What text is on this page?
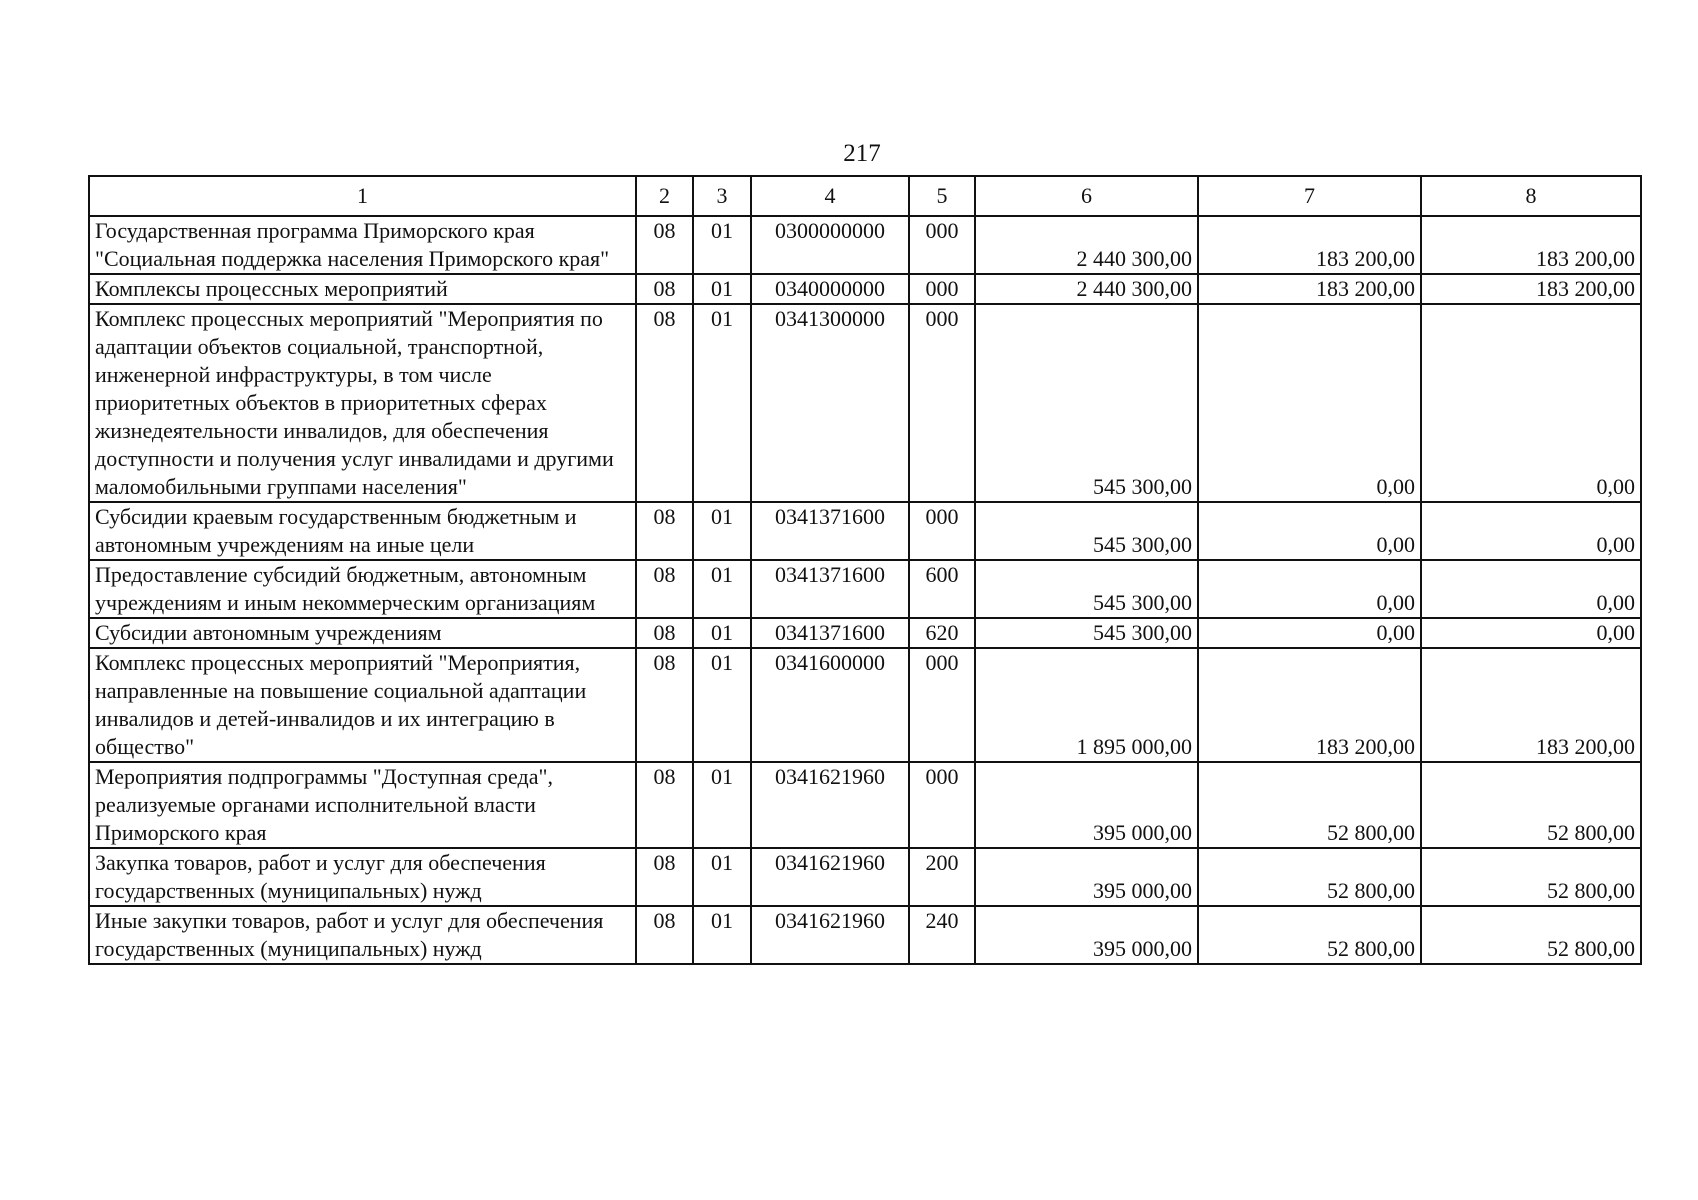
217
1	2	3	4	5	6	7	8
Государственная программа Приморского края "Социальная поддержка населения Приморского края"	08	01	0300000000	000	2 440 300,00	183 200,00	183 200,00
Комплексы процессных мероприятий	08	01	0340000000	000	2 440 300,00	183 200,00	183 200,00
Комплекс процессных мероприятий "Мероприятия по адаптации объектов социальной, транспортной, инженерной инфраструктуры, в том числе приоритетных объектов в приоритетных сферах жизнедеятельности инвалидов, для обеспечения доступности и получения услуг инвалидами и другими маломобильными группами населения"	08	01	0341300000	000	545 300,00	0,00	0,00
Субсидии краевым государственным бюджетным и автономным учреждениям на иные цели	08	01	0341371600	000	545 300,00	0,00	0,00
Предоставление субсидий бюджетным, автономным учреждениям и иным некоммерческим организациям	08	01	0341371600	600	545 300,00	0,00	0,00
Субсидии автономным учреждениям	08	01	0341371600	620	545 300,00	0,00	0,00
Комплекс процессных мероприятий "Мероприятия, направленные на повышение социальной адаптации инвалидов и детей-инвалидов и их интеграцию в общество"	08	01	0341600000	000	1 895 000,00	183 200,00	183 200,00
Мероприятия подпрограммы "Доступная среда", реализуемые органами исполнительной власти Приморского края	08	01	0341621960	000	395 000,00	52 800,00	52 800,00
Закупка товаров, работ и услуг для обеспечения государственных (муниципальных) нужд	08	01	0341621960	200	395 000,00	52 800,00	52 800,00
Иные закупки товаров, работ и услуг для обеспечения государственных (муниципальных) нужд	08	01	0341621960	240	395 000,00	52 800,00	52 800,00
